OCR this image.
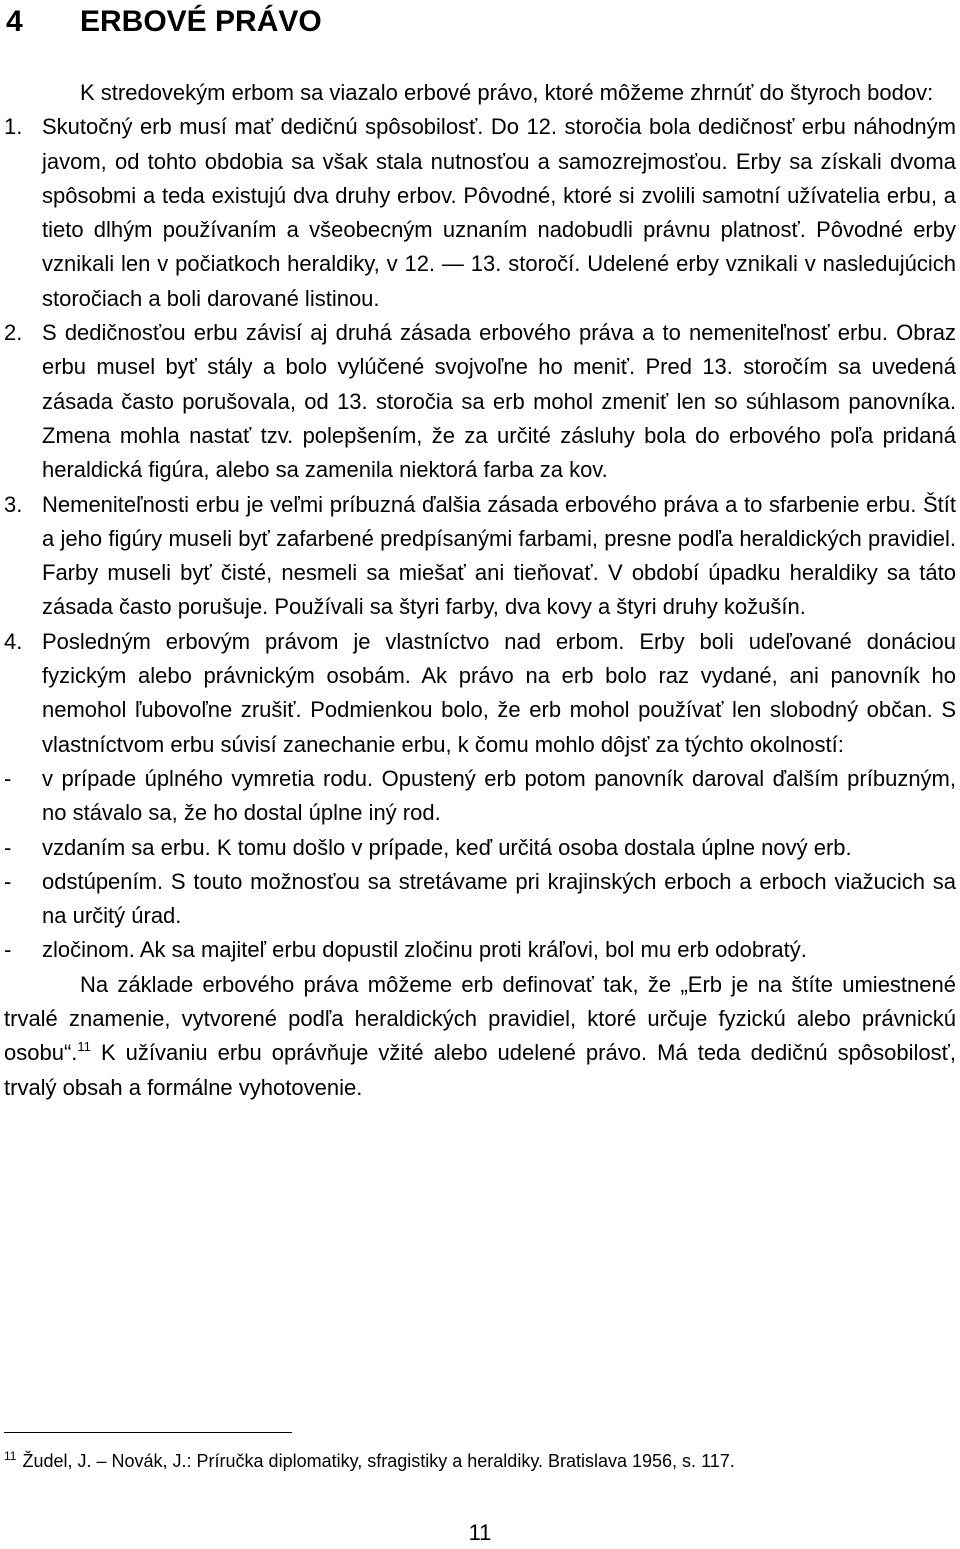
4 ERBOVÉ PRÁVO

K stredovekým erbom sa viazalo erbové právo, ktoré môžeme zhrnúť do štyroch bodov:

1. Skutočný erb musí mať dedičnú spôsobilosť. Do 12. storočia bola dedičnosť erbu náhodným javom, od tohto obdobia sa však stala nutnosťou a samozrejmosťou. Erby sa získali dvoma spôsobmi a teda existujú dva druhy erbov. Pôvodné, ktoré si zvolili samotní užívatelia erbu, a tieto dlhým používaním a všeobecným uznaním nadobudli právnu platnosť. Pôvodné erby vznikali len v počiatkoch heraldiky, v 12. — 13. storočí. Udelené erby vznikali v nasledujúcich storočiach a boli darované listinou.
2. S dedičnosťou erbu závisí aj druhá zásada erbového práva a to nemeniteľnosť erbu. Obraz erbu musel byť stály a bolo vylúčené svojvoľne ho meniť. Pred 13. storočím sa uvedená zásada často porušovala, od 13. storočia sa erb mohol zmeniť len so súhlasom panovníka. Zmena mohla nastať tzv. polepšením, že za určité zásluhy bola do erbového poľa pridaná heraldická figúra, alebo sa zamenila niektorá farba za kov.
3. Nemeniteľnosti erbu je veľmi príbuzná ďalšia zásada erbového práva a to sfarbenie erbu. Štít a jeho figúry museli byť zafarbené predpísanými farbami, presne podľa heraldických pravidiel. Farby museli byť čisté, nesmeli sa miešať ani tieňovať. V období úpadku heraldiky sa táto zásada často porušuje. Používali sa štyri farby, dva kovy a štyri druhy kožušín.
4. Posledným erbovým právom je vlastníctvo nad erbom. Erby boli udeľované donáciou fyzickým alebo právnickým osobám. Ak právo na erb bolo raz vydané, ani panovník ho nemohol ľubovoľne zrušiť. Podmienkou bolo, že erb mohol používať len slobodný občan. S vlastníctvom erbu súvisí zanechanie erbu, k čomu mohlo dôjsť za týchto okolností:
-	v prípade úplného vymretia rodu. Opustený erb potom panovník daroval ďalším príbuzným, no stávalo sa, že ho dostal úplne iný rod.
-	vzdaním sa erbu. K tomu došlo v prípade, keď určitá osoba dostala úplne nový erb.
-	odstúpením. S touto možnosťou sa stretávame pri krajinských erboch a erboch viažucich sa na určitý úrad.
-	zločinom. Ak sa majiteľ erbu dopustil zločinu proti kráľovi, bol mu erb odobratý.

Na základe erbového práva môžeme erb definovať tak, že „Erb je na štíte umiestnené trvalé znamenie, vytvorené podľa heraldických pravidiel, ktoré určuje fyzickú alebo právnickú osobu“.$^{11}$ K užívaniu erbu oprávňuje vžité alebo udelené právo. Má teda dedičnú spôsobilosť, trvalý obsah a formálne vyhotovenie.

$^{11}$ Žudel, J. – Novák, J.: Príručka diplomatiky, sfragistiky a heraldiky. Bratislava 1956, s. 117.
11
